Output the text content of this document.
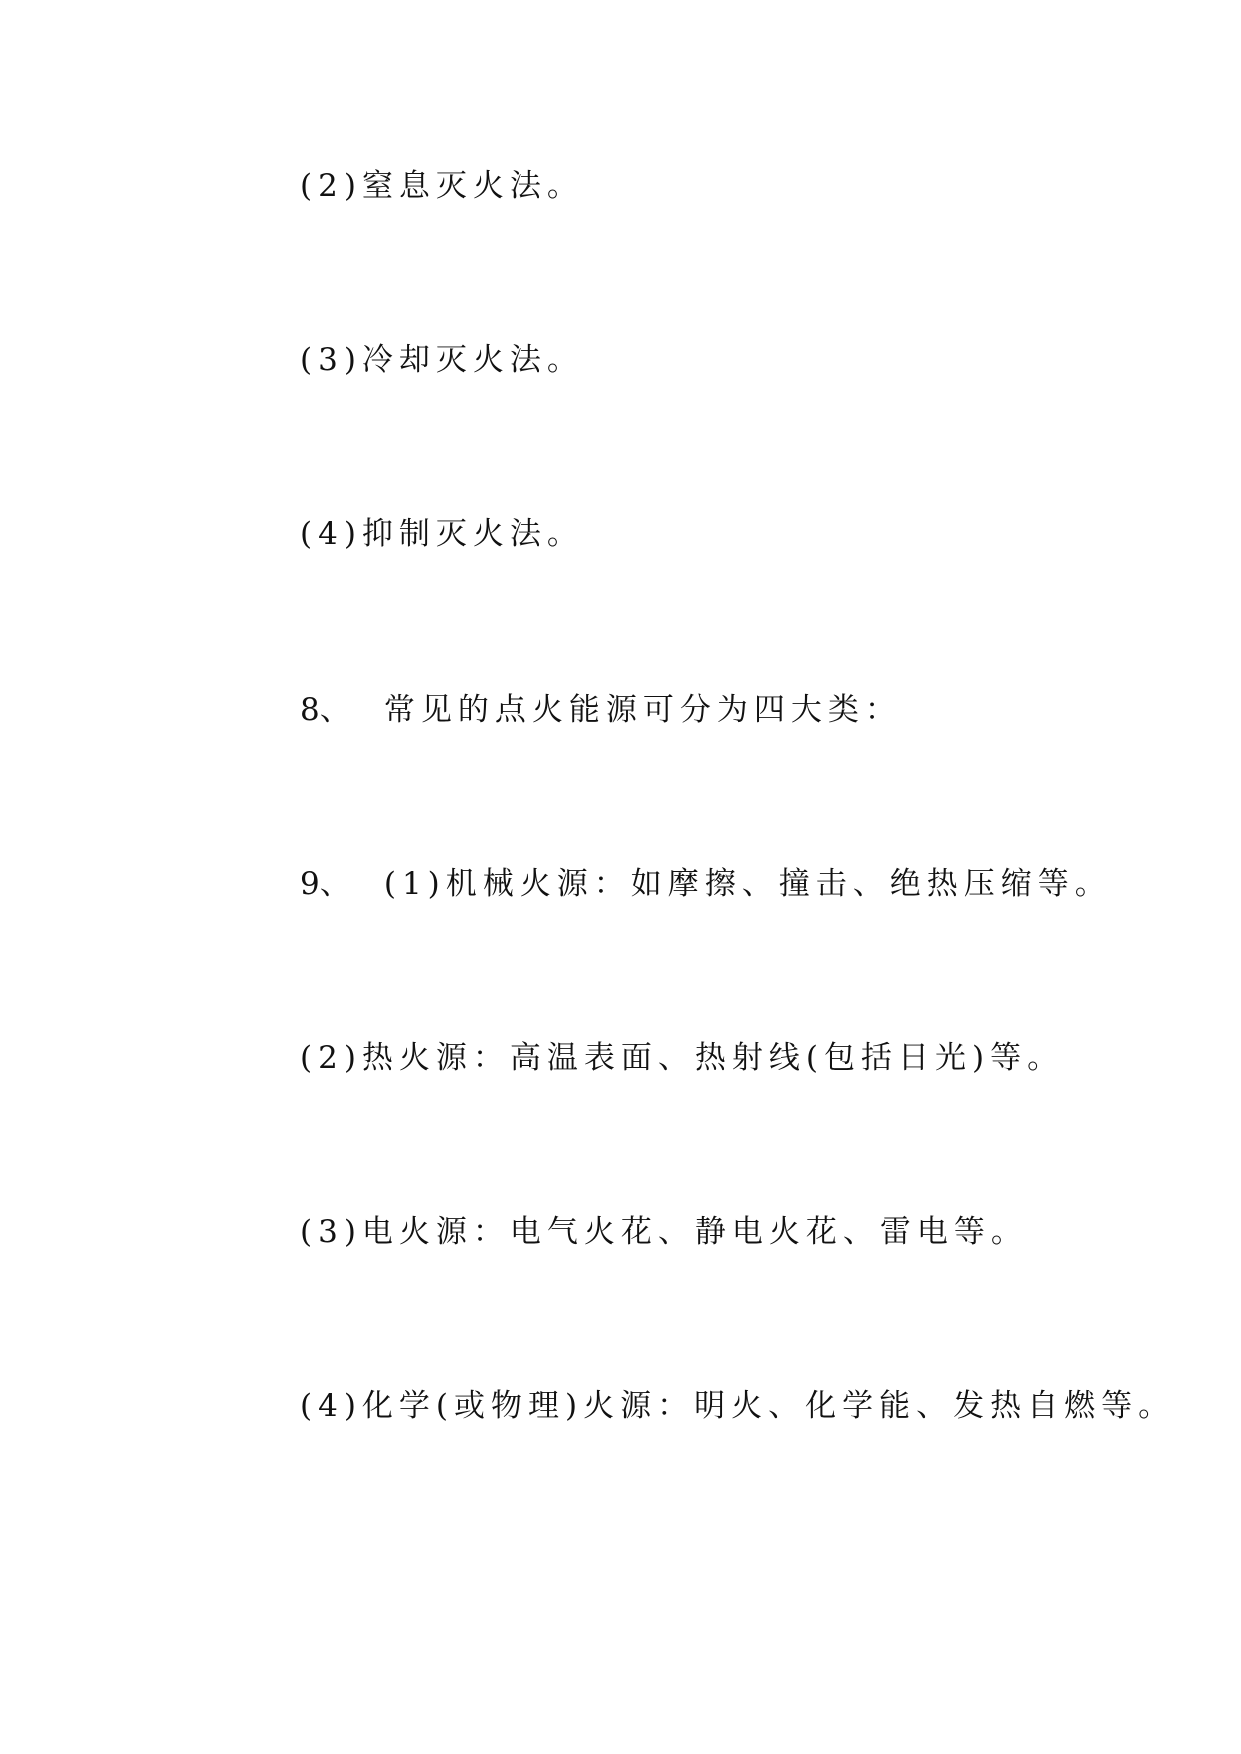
(2)窒息灭火法。
(3)冷却灭火法。
(4)抑制灭火法。
8、 常见的点火能源可分为四大类：
9、 (1)机械火源：如摩擦、撞击、绝热压缩等。
(2)热火源：高温表面、热射线(包括日光)等。
(3)电火源：电气火花、静电火花、雷电等。
(4)化学(或物理)火源：明火、化学能、发热自燃等。
